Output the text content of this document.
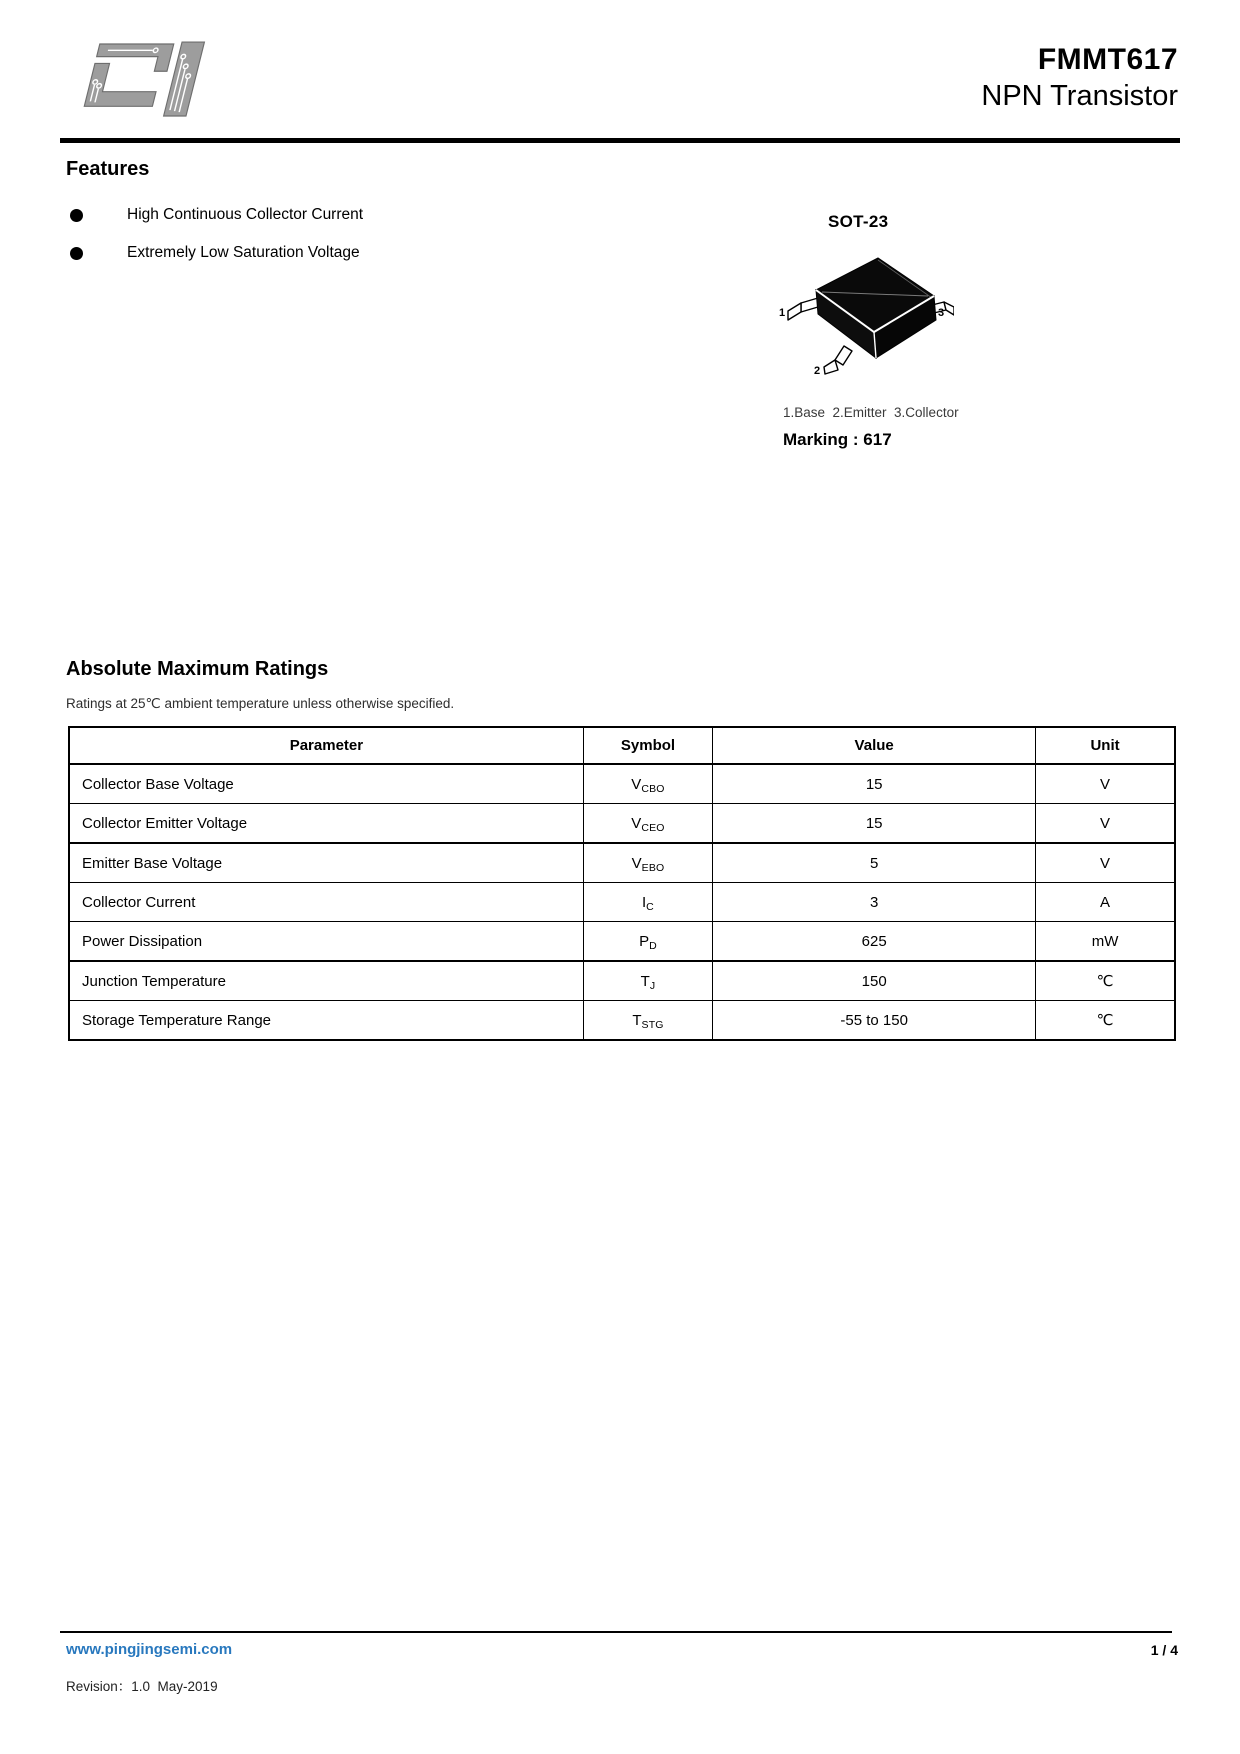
FMMT617
NPN Transistor
Features
High Continuous Collector Current
Extremely Low Saturation Voltage
SOT-23
1
2
3
1.Base  2.Emitter  3.Collector
Marking : 617
Absolute Maximum Ratings
Ratings at 25℃ ambient temperature unless otherwise specified.
Parameter	Symbol	Value	Unit
Collector Base Voltage	$V_{CBO}$	15	V
Collector Emitter Voltage	$V_{CEO}$	15	V
Emitter Base Voltage	$V_{EBO}$	5	V
Collector Current	$I_C$	3	A
Power Dissipation	$P_D$	625	mW
Junction Temperature	$T_J$	150	℃
Storage Temperature Range	$T_{STG}$	-55 to 150	℃
www.pingjingsemi.com	1 / 4
Revision：1.0  May-2019
